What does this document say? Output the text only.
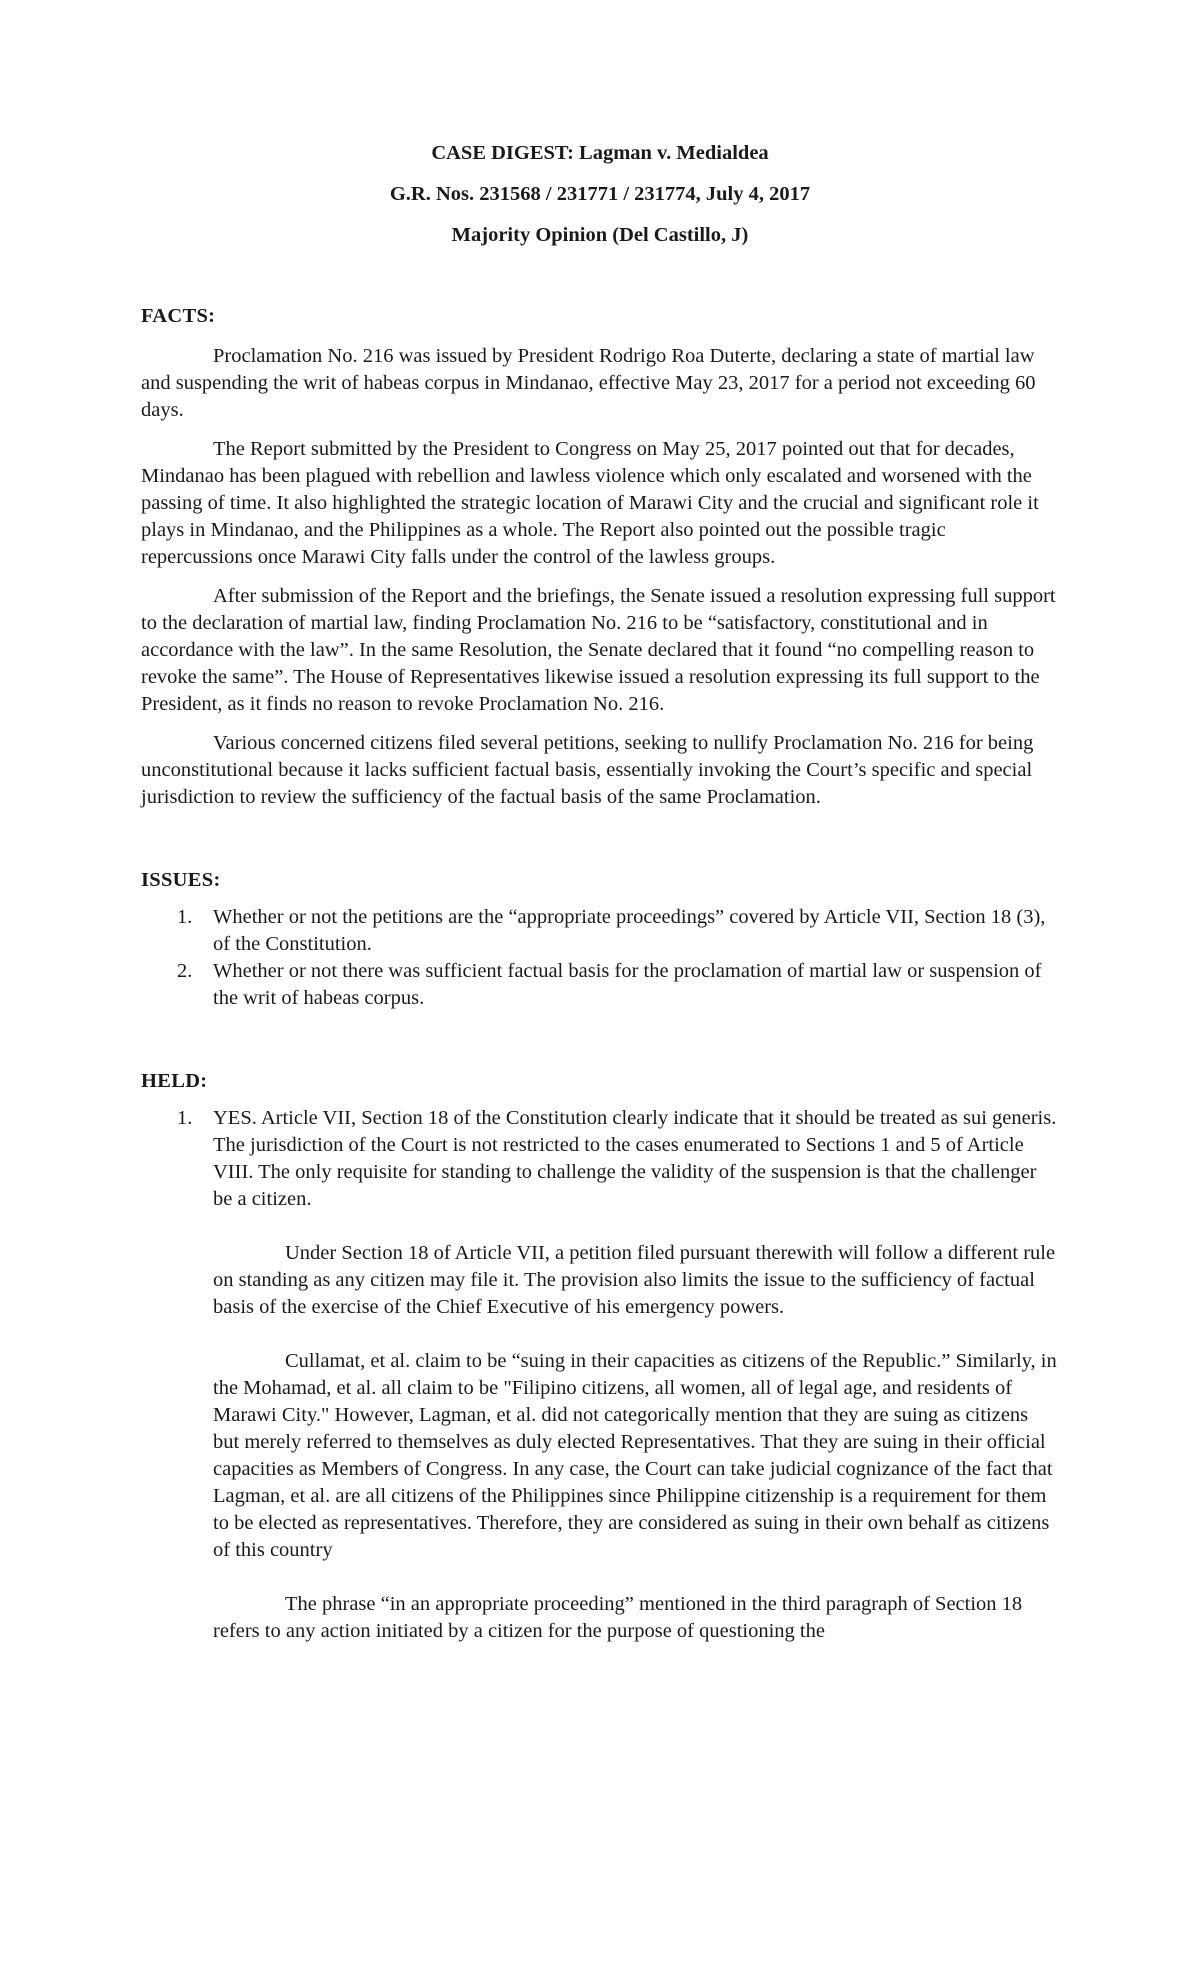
CASE DIGEST: Lagman v. Medialdea

G.R. Nos. 231568 / 231771 / 231774, July 4, 2017

Majority Opinion (Del Castillo, J)

FACTS:

Proclamation No. 216 was issued by President Rodrigo Roa Duterte, declaring a state of martial law and suspending the writ of habeas corpus in Mindanao, effective May 23, 2017 for a period not exceeding 60 days.

The Report submitted by the President to Congress on May 25, 2017 pointed out that for decades, Mindanao has been plagued with rebellion and lawless violence which only escalated and worsened with the passing of time. It also highlighted the strategic location of Marawi City and the crucial and significant role it plays in Mindanao, and the Philippines as a whole. The Report also pointed out the possible tragic repercussions once Marawi City falls under the control of the lawless groups.

After submission of the Report and the briefings, the Senate issued a resolution expressing full support to the declaration of martial law, finding Proclamation No. 216 to be “satisfactory, constitutional and in accordance with the law”. In the same Resolution, the Senate declared that it found “no compelling reason to revoke the same”. The House of Representatives likewise issued a resolution expressing its full support to the President, as it finds no reason to revoke Proclamation No. 216.

Various concerned citizens filed several petitions, seeking to nullify Proclamation No. 216 for being unconstitutional because it lacks sufficient factual basis, essentially invoking the Court’s specific and special jurisdiction to review the sufficiency of the factual basis of the same Proclamation.

ISSUES:

1. Whether or not the petitions are the “appropriate proceedings” covered by Article VII, Section 18 (3), of the Constitution.
2. Whether or not there was sufficient factual basis for the proclamation of martial law or suspension of the writ of habeas corpus.

HELD:

1. YES. Article VII, Section 18 of the Constitution clearly indicate that it should be treated as sui generis. The jurisdiction of the Court is not restricted to the cases enumerated to Sections 1 and 5 of Article VIII. The only requisite for standing to challenge the validity of the suspension is that the challenger be a citizen.

Under Section 18 of Article VII, a petition filed pursuant therewith will follow a different rule on standing as any citizen may file it. The provision also limits the issue to the sufficiency of factual basis of the exercise of the Chief Executive of his emergency powers.

Cullamat, et al. claim to be “suing in their capacities as citizens of the Republic.” Similarly, in the Mohamad, et al. all claim to be "Filipino citizens, all women, all of legal age, and residents of Marawi City." However, Lagman, et al. did not categorically mention that they are suing as citizens but merely referred to themselves as duly elected Representatives. That they are suing in their official capacities as Members of Congress. In any case, the Court can take judicial cognizance of the fact that Lagman, et al. are all citizens of the Philippines since Philippine citizenship is a requirement for them to be elected as representatives. Therefore, they are considered as suing in their own behalf as citizens of this country

The phrase “in an appropriate proceeding” mentioned in the third paragraph of Section 18 refers to any action initiated by a citizen for the purpose of questioning the
